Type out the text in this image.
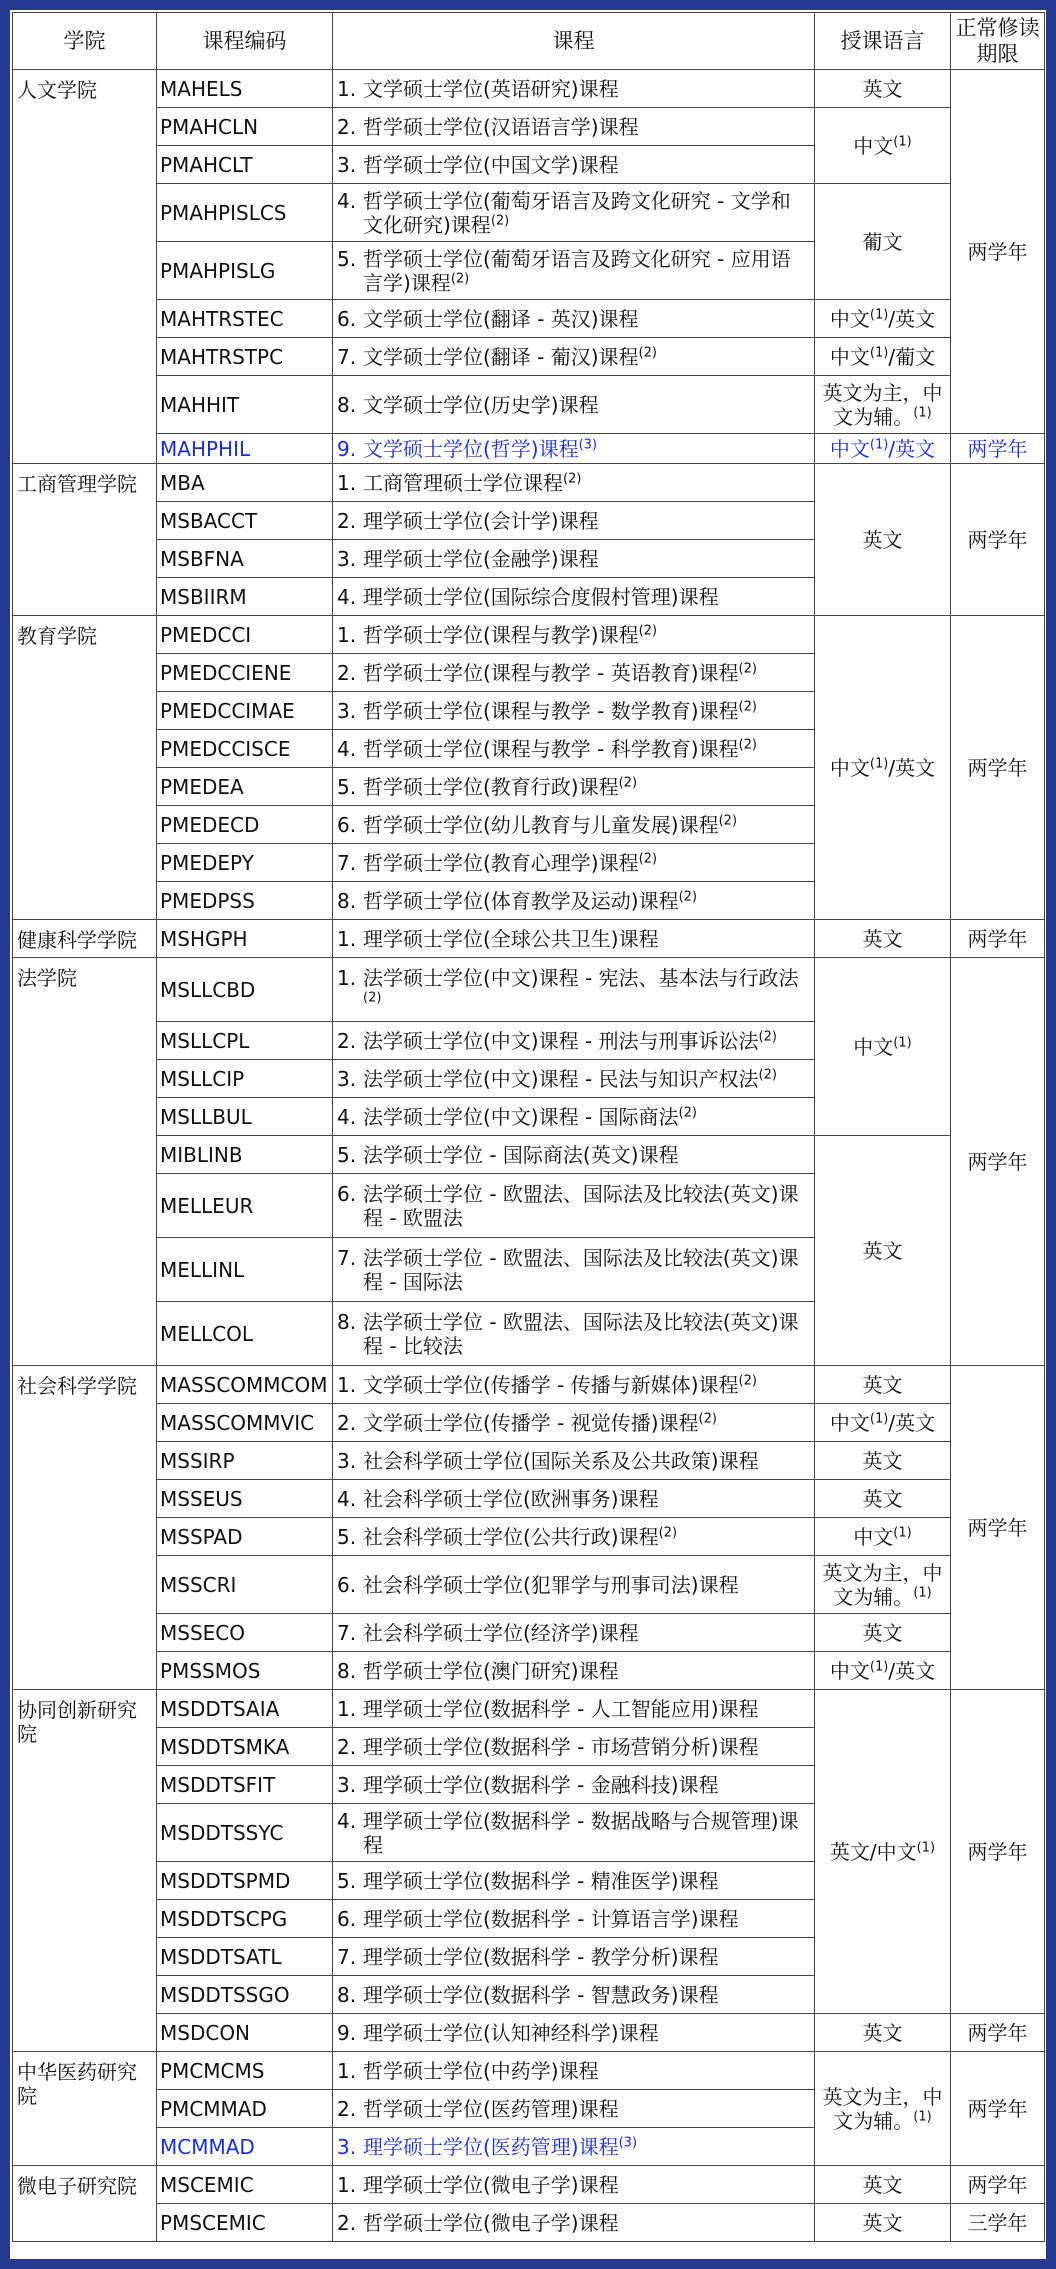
学院	课程编码	课程	授课语言	正常修读期限
人文学院	MAHELS	1. 文学硕士学位(英语研究)课程	英文	两学年
	PMAHCLN	2. 哲学硕士学位(汉语语言学)课程	中文$^{(1)}$
	PMAHCLT	3. 哲学硕士学位(中国文学)课程		

	PMAHPISLCS	4. 哲学硕士学位(葡萄牙语言及跨文化研究 - 文学和文化研究)课程$^{(2)}$	葡文	
	PMAHPISLG	5. 哲学硕士学位(葡萄牙语言及跨文化研究 - 应用语言学)课程$^{(2)}$

	MAHTRSTEC	6. 文学硕士学位(翻译 - 英汉)课程	中文$^{(1)}$/英文	
	MAHTRSTPC	7. 文学硕士学位(翻译 - 葡汉)课程$^{(2)}$	中文$^{(1)}$/葡文	
	MAHHIT	8. 文学硕士学位(历史学)课程	英文为主，中文为辅。$^{(1)}$
	MAHPHIL	9. 文学硕士学位(哲学)课程$^{(3)}$	中文$^{(1)}$/英文	两学年
工商管理学院	MBA	1. 工商管理硕士学位课程$^{(2)}$	英文	两学年
	MSBACCT	2. 理学硕士学位(会计学)课程		

	MSBFNA	3. 理学硕士学位(金融学)课程		

	MSBIIRM	4. 理学硕士学位(国际综合度假村管理)课程		

教育学院	PMEDCCI	1. 哲学硕士学位(课程与教学)课程$^{(2)}$	中文$^{(1)}$/英文	两学年
	PMEDCCIENE	2. 哲学硕士学位(课程与教学 - 英语教育)课程$^{(2)}$

	PMEDCCIMAE	3. 哲学硕士学位(课程与教学 - 数学教育)课程$^{(2)}$

	PMEDCCISCE	4. 哲学硕士学位(课程与教学 - 科学教育)课程$^{(2)}$

	PMEDEA	5. 哲学硕士学位(教育行政)课程$^{(2)}$

	PMEDECD	6. 哲学硕士学位(幼儿教育与儿童发展)课程$^{(2)}$

	PMEDEPY	7. 哲学硕士学位(教育心理学)课程$^{(2)}$

	PMEDPSS	8. 哲学硕士学位(体育教学及运动)课程$^{(2)}$

健康科学学院	MSHGPH	1. 理学硕士学位(全球公共卫生)课程	英文	两学年
法学院	MSLLCBD	1. 法学硕士学位(中文)课程 - 宪法、基本法与行政法$^{(2)}$	中文$^{(1)}$	两学年
	MSLLCPL	2. 法学硕士学位(中文)课程 - 刑法与刑事诉讼法$^{(2)}$

	MSLLCIP	3. 法学硕士学位(中文)课程 - 民法与知识产权法$^{(2)}$

	MSLLBUL	4. 法学硕士学位(中文)课程 - 国际商法$^{(2)}$

	MIBLINB	5. 法学硕士学位 - 国际商法(英文)课程	英文	
	MELLEUR	6. 法学硕士学位 - 欧盟法、国际法及比较法(英文)课程 - 欧盟法		

	MELLINL	7. 法学硕士学位 - 欧盟法、国际法及比较法(英文)课程 - 国际法		

	MELLCOL	8. 法学硕士学位 - 欧盟法、国际法及比较法(英文)课程 - 比较法		

社会科学学院	MASSCOMMCOM	1. 文学硕士学位(传播学 - 传播与新媒体)课程$^{(2)}$	英文	两学年
	MASSCOMMVIC	2. 文学硕士学位(传播学 - 视觉传播)课程$^{(2)}$	中文$^{(1)}$/英文	
	MSSIRP	3. 社会科学硕士学位(国际关系及公共政策)课程	英文	
	MSSEUS	4. 社会科学硕士学位(欧洲事务)课程	英文	
	MSSPAD	5. 社会科学硕士学位(公共行政)课程$^{(2)}$	中文$^{(1)}$
	MSSCRI	6. 社会科学硕士学位(犯罪学与刑事司法)课程	英文为主，中文为辅。$^{(1)}$
	MSSECO	7. 社会科学硕士学位(经济学)课程	英文	
	PMSSMOS	8. 哲学硕士学位(澳门研究)课程	中文$^{(1)}$/英文	
协同创新研究院	MSDDTSAIA	1. 理学硕士学位(数据科学 - 人工智能应用)课程	英文/中文$^{(1)}$	两学年
	MSDDTSMKA	2. 理学硕士学位(数据科学 - 市场营销分析)课程		

	MSDDTSFIT	3. 理学硕士学位(数据科学 - 金融科技)课程		

	MSDDTSSYC	4. 理学硕士学位(数据科学 - 数据战略与合规管理)课程		

	MSDDTSPMD	5. 理学硕士学位(数据科学 - 精准医学)课程		

	MSDDTSCPG	6. 理学硕士学位(数据科学 - 计算语言学)课程		

	MSDDTSATL	7. 理学硕士学位(数据科学 - 教学分析)课程		

	MSDDTSSGO	8. 理学硕士学位(数据科学 - 智慧政务)课程		

	MSDCON	9. 理学硕士学位(认知神经科学)课程	英文	两学年
中华医药研究院	PMCMCMS	1. 哲学硕士学位(中药学)课程	英文为主，中文为辅。$^{(1)}$	两学年
	PMCMMAD	2. 哲学硕士学位(医药管理)课程		

	MCMMAD	3. 理学硕士学位(医药管理)课程$^{(3)}$

微电子研究院	MSCEMIC	1. 理学硕士学位(微电子学)课程	英文	两学年
	PMSCEMIC	2. 哲学硕士学位(微电子学)课程	英文	三学年
